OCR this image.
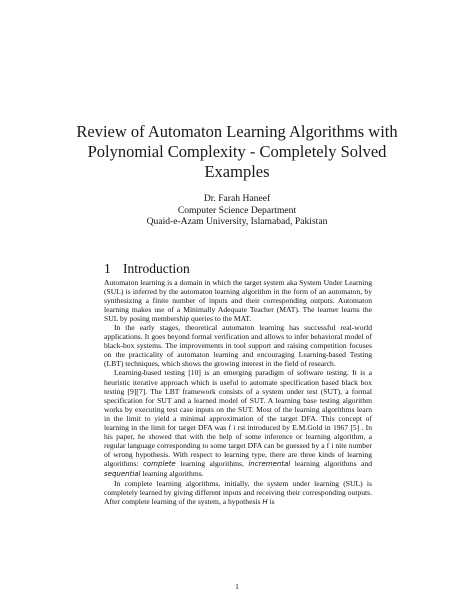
Review of Automaton Learning Algorithms with
Polynomial Complexity - Completely Solved
Examples
Dr. Farah Haneef
Computer Science Department
Quaid-e-Azam University, Islamabad, Pakistan
1 Introduction

Automaton learning is a domain in which the target system aka System Under Learning (SUL) is inferred by the automaton learning algorithm in the form of an automaton, by synthesizing a finite number of inputs and their corresponding outputs. Automaton learning makes use of a Minimally Adequate Teacher (MAT). The learner learns the SUL by posing membership queries to the MAT.

In the early stages, theoretical automaton learning has successful real-world applications. It goes beyond formal verification and allows to infer behavioral model of black-box systems. The improvements in tool support and raising competition focuses on the practicality of automaton learning and encouraging Learning-based Testing (LBT) techniques, which shows the growing interest in the field of research.

Learning-based testing [10] is an emerging paradigm of software testing. It is a heuristic iterative approach which is useful to automate specification based black box testing [9][7]. The LBT framework consists of a system under test (SUT), a formal specification for SUT and a learned model of SUT. A learning base testing algorithm works by executing test case inputs on the SUT. Most of the learning algorithms learn in the limit to yield a minimal approximation of the target DFA. This concept of learning in the limit for target DFA was f i rst introduced by E.M.Gold in 1967 [5] . In his paper, he showed that with the help of some inference or learning algorithm, a regular language corresponding to some target DFA can be guessed by a f i nite number of wrong hypothesis. With respect to learning type, there are three kinds of learning algorithms: complete learning algorithms, incremental learning algorithms and sequential learning algorithms.

In complete learning algorithms, initially, the system under learning (SUL) is completely learned by giving different inputs and receiving their corresponding outputs. After complete learning of the system, a hypothesis H is

1
